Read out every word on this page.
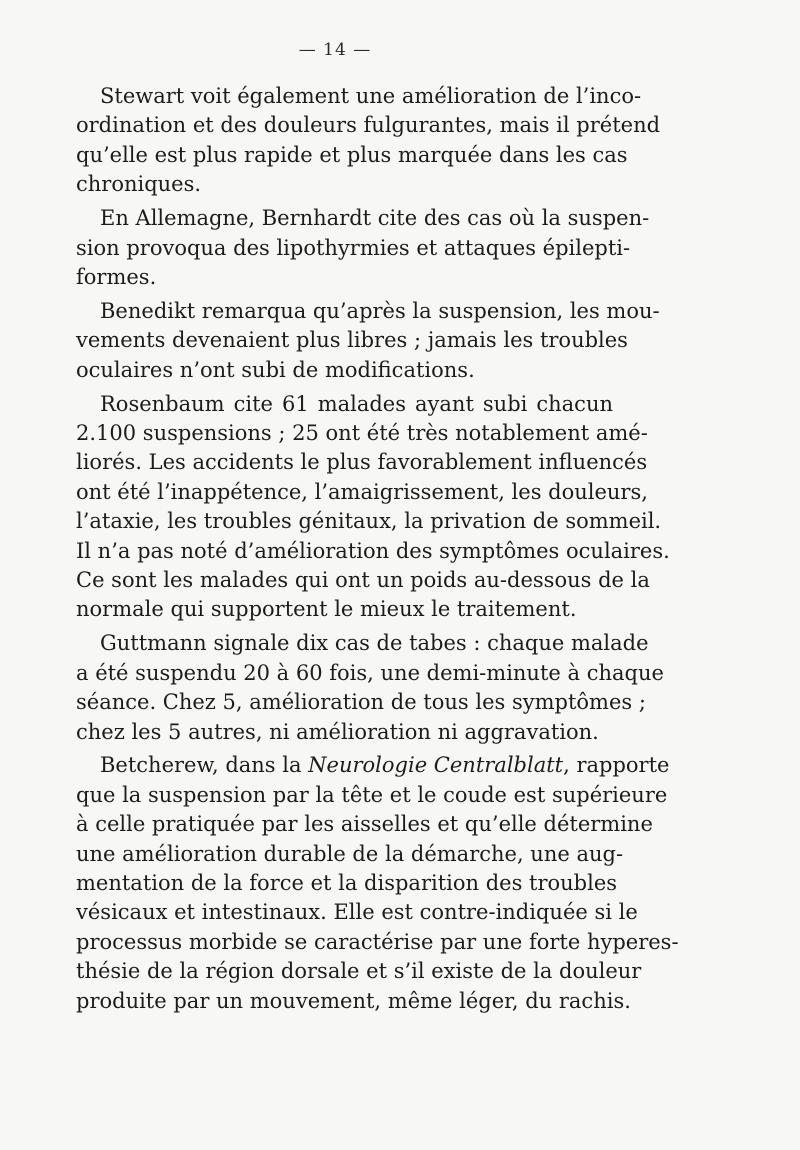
— 14 —

Stewart voit également une amélioration de l’inco-
ordination et des douleurs fulgurantes, mais il prétend
qu’elle est plus rapide et plus marquée dans les cas
chroniques.

En Allemagne, Bernhardt cite des cas où la suspen-
sion provoqua des lipothyrmies et attaques épilepti-
formes.

Benedikt remarqua qu’après la suspension, les mou-
vements devenaient plus libres ; jamais les troubles
oculaires n’ont subi de modifications.

Rosenbaum cite 61 malades ayant subi chacun
2.100 suspensions ; 25 ont été très notablement amé-
liorés. Les accidents le plus favorablement influencés
ont été l’inappétence, l’amaigrissement, les douleurs,
l’ataxie, les troubles génitaux, la privation de sommeil.
Il n’a pas noté d’amélioration des symptômes oculaires.
Ce sont les malades qui ont un poids au-dessous de la
normale qui supportent le mieux le traitement.

Guttmann signale dix cas de tabes : chaque malade
a été suspendu 20 à 60 fois, une demi-minute à chaque
séance. Chez 5, amélioration de tous les symptômes ;
chez les 5 autres, ni amélioration ni aggravation.

Betcherew, dans la Neurologie Centralblatt, rapporte
que la suspension par la tête et le coude est supérieure
à celle pratiquée par les aisselles et qu’elle détermine
une amélioration durable de la démarche, une aug-
mentation de la force et la disparition des troubles
vésicaux et intestinaux. Elle est contre-indiquée si le
processus morbide se caractérise par une forte hyperes-
thésie de la région dorsale et s’il existe de la douleur
produite par un mouvement, même léger, du rachis.
